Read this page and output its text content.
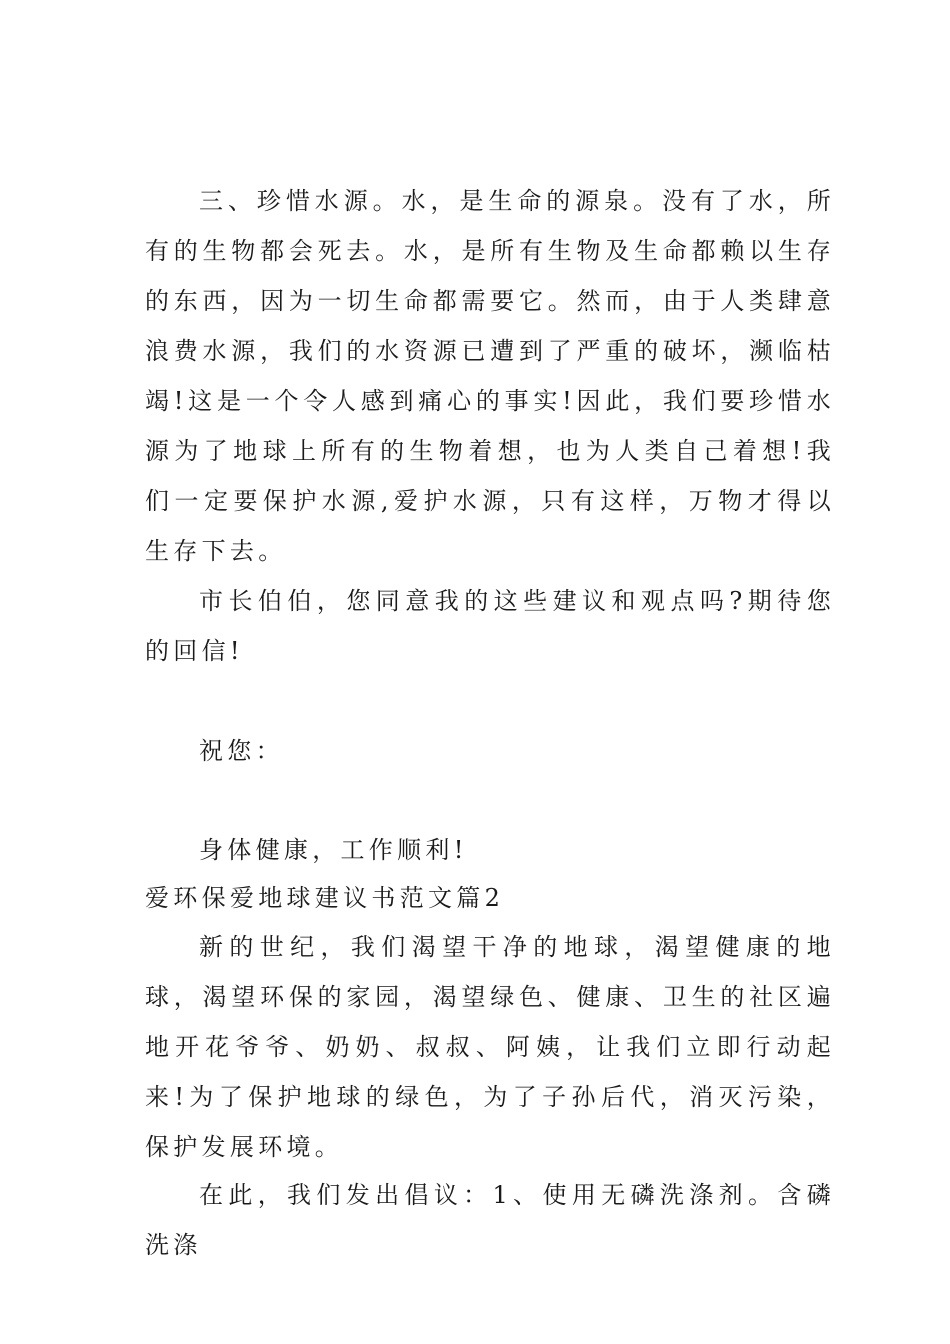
三、珍惜水源。水，是生命的源泉。没有了水，所有的生物都会死去。水，是所有生物及生命都赖以生存的东西，因为一切生命都需要它。然而，由于人类肆意浪费水源，我们的水资源已遭到了严重的破坏，濒临枯竭!这是一个令人感到痛心的事实!因此，我们要珍惜水源为了地球上所有的生物着想，也为人类自己着想!我们一定要保护水源,爱护水源，只有这样，万物才得以生存下去。

市长伯伯，您同意我的这些建议和观点吗?期待您的回信!

祝您：

身体健康，工作顺利!

爱环保爱地球建议书范文篇2

新的世纪，我们渴望干净的地球，渴望健康的地球，渴望环保的家园，渴望绿色、健康、卫生的社区遍地开花爷爷、奶奶、叔叔、阿姨，让我们立即行动起来!为了保护地球的绿色，为了子孙后代，消灭污染，保护发展环境。

在此，我们发出倡议：1、使用无磷洗涤剂。含磷洗涤
